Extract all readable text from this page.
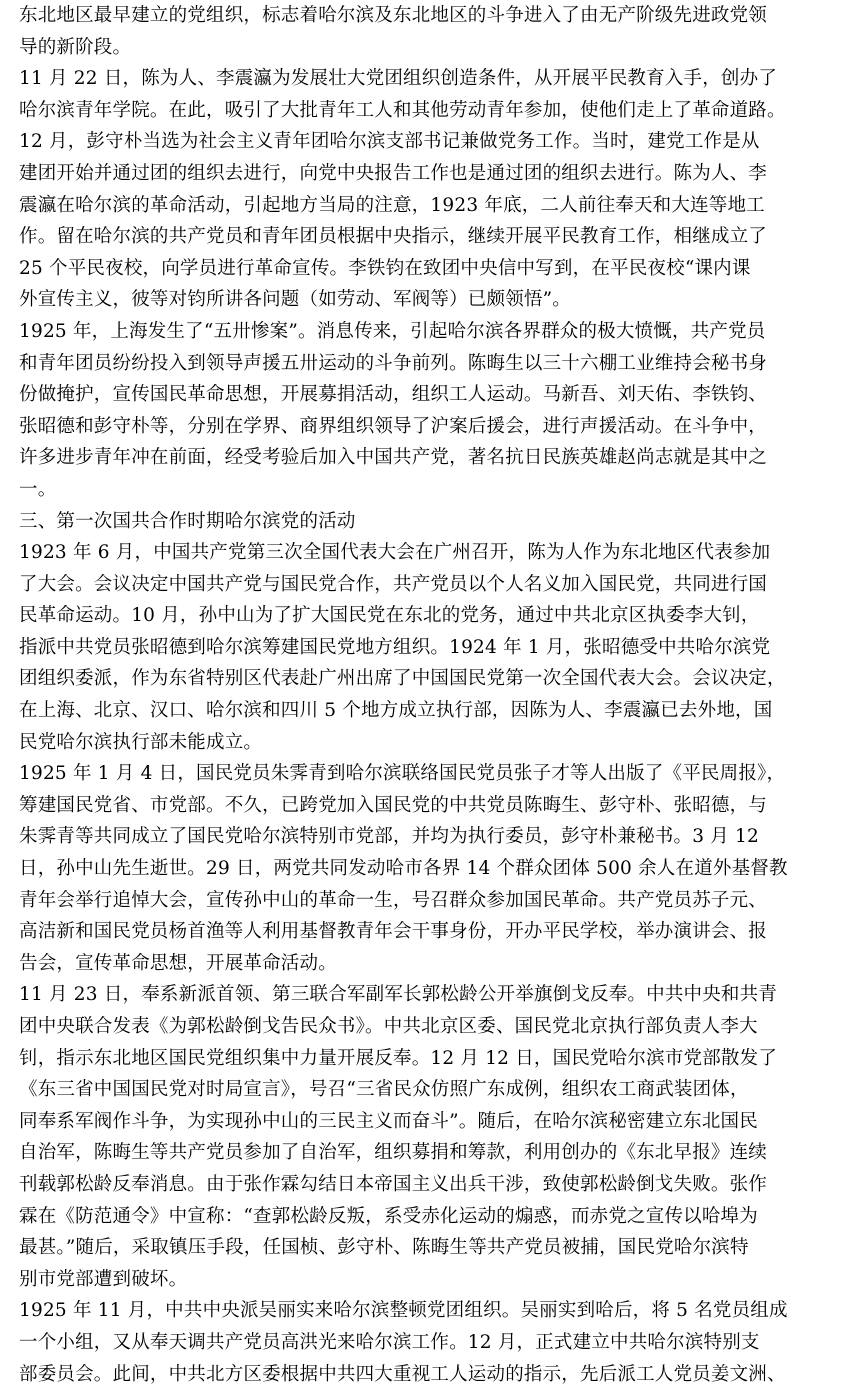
东北地区最早建立的党组织，标志着哈尔滨及东北地区的斗争进入了由无产阶级先进政党领
导的新阶段。
11 月 22 日，陈为人、李震瀛为发展壮大党团组织创造条件，从开展平民教育入手，创办了
哈尔滨青年学院。在此，吸引了大批青年工人和其他劳动青年参加，使他们走上了革命道路。
12 月，彭守朴当选为社会主义青年团哈尔滨支部书记兼做党务工作。当时，建党工作是从
建团开始并通过团的组织去进行，向党中央报告工作也是通过团的组织去进行。陈为人、李
震瀛在哈尔滨的革命活动，引起地方当局的注意，1923 年底，二人前往奉天和大连等地工
作。留在哈尔滨的共产党员和青年团员根据中央指示，继续开展平民教育工作，相继成立了
25 个平民夜校，向学员进行革命宣传。李铁钧在致团中央信中写到，在平民夜校“课内课
外宣传主义，彼等对钧所讲各问题（如劳动、军阀等）已颇领悟”。
1925 年，上海发生了“五卅惨案”。消息传来，引起哈尔滨各界群众的极大愤慨，共产党员
和青年团员纷纷投入到领导声援五卅运动的斗争前列。陈晦生以三十六棚工业维持会秘书身
份做掩护，宣传国民革命思想，开展募捐活动，组织工人运动。马新吾、刘天佑、李铁钧、
张昭德和彭守朴等，分别在学界、商界组织领导了沪案后援会，进行声援活动。在斗争中，
许多进步青年冲在前面，经受考验后加入中国共产党，著名抗日民族英雄赵尚志就是其中之
一。
三、第一次国共合作时期哈尔滨党的活动
1923 年 6 月，中国共产党第三次全国代表大会在广州召开，陈为人作为东北地区代表参加
了大会。会议决定中国共产党与国民党合作，共产党员以个人名义加入国民党，共同进行国
民革命运动。10 月，孙中山为了扩大国民党在东北的党务，通过中共北京区执委李大钊，
指派中共党员张昭德到哈尔滨筹建国民党地方组织。1924 年 1 月，张昭德受中共哈尔滨党
团组织委派，作为东省特别区代表赴广州出席了中国国民党第一次全国代表大会。会议决定，
在上海、北京、汉口、哈尔滨和四川 5 个地方成立执行部，因陈为人、李震瀛已去外地，国
民党哈尔滨执行部未能成立。
1925 年 1 月 4 日，国民党员朱霁青到哈尔滨联络国民党员张子才等人出版了《平民周报》，
筹建国民党省、市党部。不久，已跨党加入国民党的中共党员陈晦生、彭守朴、张昭德，与
朱霁青等共同成立了国民党哈尔滨特别市党部，并均为执行委员，彭守朴兼秘书。3 月 12
日，孙中山先生逝世。29 日，两党共同发动哈市各界 14 个群众团体 500 余人在道外基督教
青年会举行追悼大会，宣传孙中山的革命一生，号召群众参加国民革命。共产党员苏子元、
高洁新和国民党员杨首渔等人利用基督教青年会干事身份，开办平民学校，举办演讲会、报
告会，宣传革命思想，开展革命活动。
11 月 23 日，奉系新派首领、第三联合军副军长郭松龄公开举旗倒戈反奉。中共中央和共青
团中央联合发表《为郭松龄倒戈告民众书》。中共北京区委、国民党北京执行部负责人李大
钊，指示东北地区国民党组织集中力量开展反奉。12 月 12 日，国民党哈尔滨市党部散发了
《东三省中国国民党对时局宣言》，号召“三省民众仿照广东成例，组织农工商武装团体，
同奉系军阀作斗争，为实现孙中山的三民主义而奋斗”。随后，在哈尔滨秘密建立东北国民
自治军，陈晦生等共产党员参加了自治军，组织募捐和筹款，利用创办的《东北早报》连续
刊载郭松龄反奉消息。由于张作霖勾结日本帝国主义出兵干涉，致使郭松龄倒戈失败。张作
霖在《防范通令》中宣称：“查郭松龄反叛，系受赤化运动的煽惑，而赤党之宣传以哈埠为
最甚。”随后，采取镇压手段，任国桢、彭守朴、陈晦生等共产党员被捕，国民党哈尔滨特
别市党部遭到破坏。
1925 年 11 月，中共中央派吴丽实来哈尔滨整顿党团组织。吴丽实到哈后，将 5 名党员组成
一个小组，又从奉天调共产党员高洪光来哈尔滨工作。12 月，正式建立中共哈尔滨特别支
部委员会。此间，中共北方区委根据中共四大重视工人运动的指示，先后派工人党员姜文洲、
